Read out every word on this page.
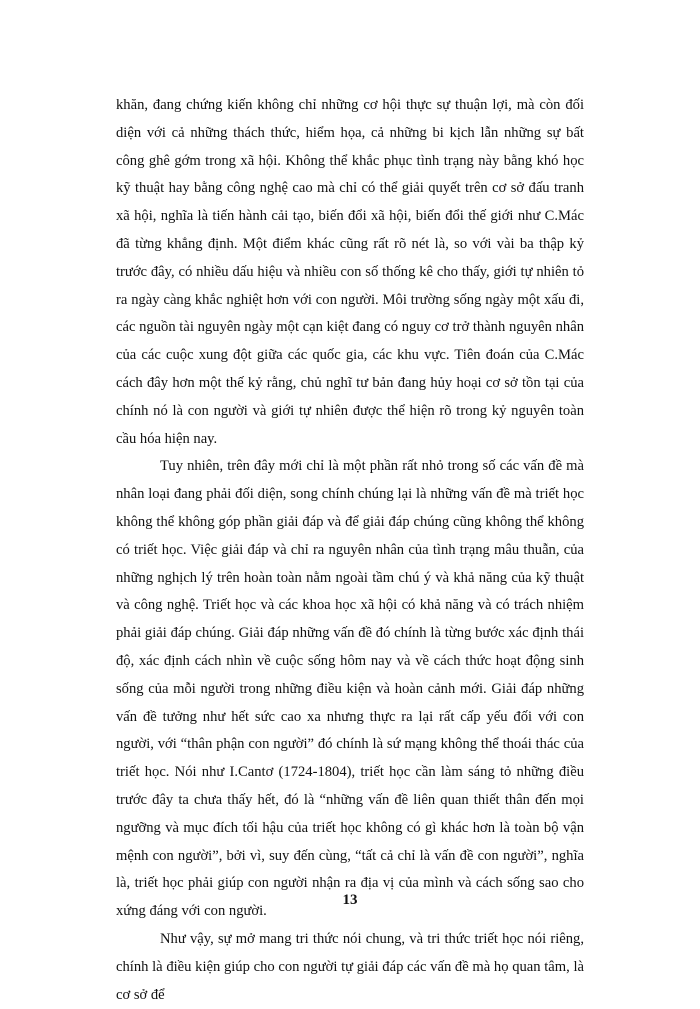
khăn, đang chứng kiến không chỉ những cơ hội thực sự thuận lợi, mà còn đối diện với cả những thách thức, hiểm họa, cả những bi kịch lẫn những sự bất công ghê gớm trong xã hội. Không thể khắc phục tình trạng này bằng khó học kỹ thuật hay bằng công nghệ cao mà chỉ có thể giải quyết trên cơ sở đấu tranh xã hội, nghĩa là tiến hành cải tạo, biến đổi xã hội, biến đổi thế giới như C.Mác đã từng khẳng định. Một điểm khác cũng rất rõ nét là, so với vài ba thập kỷ trước đây, có nhiều dấu hiệu và nhiều con số thống kê cho thấy, giới tự nhiên tỏ ra ngày càng khắc nghiệt hơn với con người. Môi trường sống ngày một xấu đi, các nguồn tài nguyên ngày một cạn kiệt đang có nguy cơ trở thành nguyên nhân của các cuộc xung đột giữa các quốc gia, các khu vực. Tiên đoán của C.Mác cách đây hơn một thế kỷ rằng, chủ nghĩ tư bản đang hủy hoại cơ sở tồn tại của chính nó là con người và giới tự nhiên được thể hiện rõ trong kỷ nguyên toàn cầu hóa hiện nay.

Tuy nhiên, trên đây mới chỉ là một phần rất nhỏ trong số các vấn đề mà nhân loại đang phải đối diện, song chính chúng lại là những vấn đề mà triết học không thể không góp phần giải đáp và để giải đáp chúng cũng không thể không có triết học. Việc giải đáp và chỉ ra nguyên nhân của tình trạng mâu thuẫn, của những nghịch lý trên hoàn toàn nằm ngoài tầm chú ý và khả năng của kỹ thuật và công nghệ. Triết học và các khoa học xã hội có khả năng và có trách nhiệm phải giải đáp chúng. Giải đáp những vấn đề đó chính là từng bước xác định thái độ, xác định cách nhìn về cuộc sống hôm nay và về cách thức hoạt động sinh sống của mỗi người trong những điều kiện và hoàn cảnh mới. Giải đáp những vấn đề tưởng như hết sức cao xa nhưng thực ra lại rất cấp yếu đối với con người, với “thân phận con người” đó chính là sứ mạng không thể thoái thác của triết học. Nói như I.Cantơ (1724-1804), triết học cần làm sáng tỏ những điều trước đây ta chưa thấy hết, đó là “những vấn đề liên quan thiết thân đến mọi ngưỡng và mục đích tối hậu của triết học không có gì khác hơn là toàn bộ vận mệnh con người”, bởi vì, suy đến cùng, “tất cả chỉ là vấn đề con người”, nghĩa là, triết học phải giúp con người nhận ra địa vị của mình và cách sống sao cho xứng đáng với con người.

Như vậy, sự mở mang tri thức nói chung, và tri thức triết học nói riêng, chính là điều kiện giúp cho con người tự giải đáp các vấn đề mà họ quan tâm, là cơ sở để

13
